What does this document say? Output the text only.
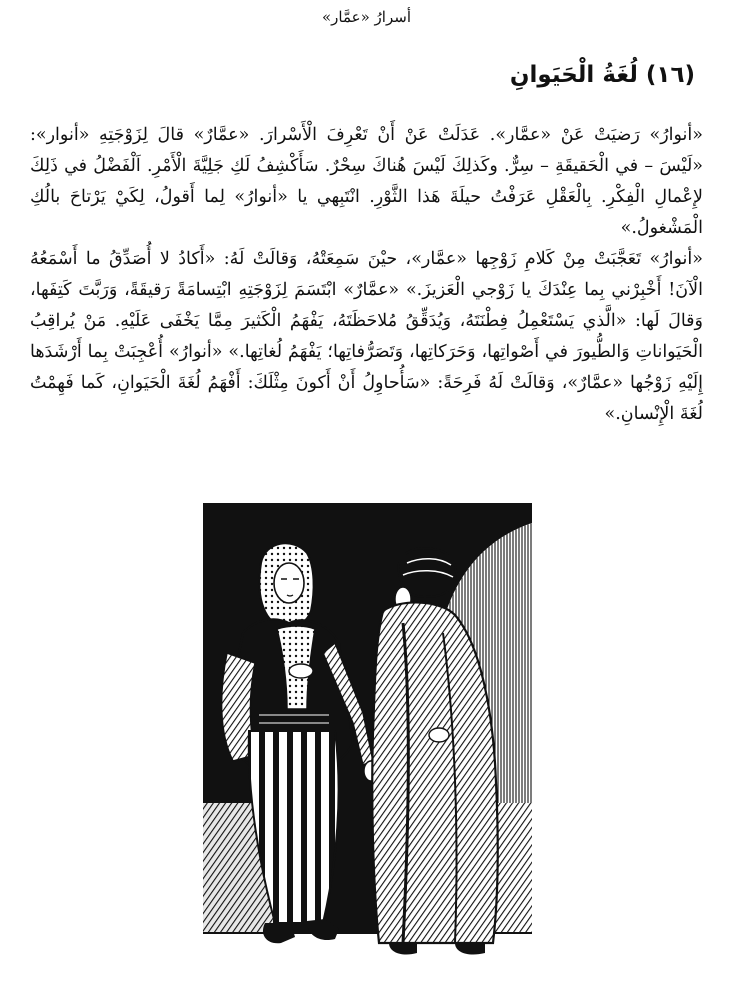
أسرارُ «عمَّار»
(١٦) لُغَةُ الْحَيَوانِ

«أنوارُ» رَضيَتْ عَنْ «عمَّار». عَدَلَتْ عَنْ أَنْ تَعْرِفَ الْأَسْرارَ. «عمَّارٌ» قالَ لِزَوْجَتِهِ «أنوار»: «لَيْسَ – في الْحَقيقَةِ – سِرٌّ. وكَذلِكَ لَيْسَ هُناكَ سِحْرٌ. سَأَكْشِفُ لَكِ جَلِيَّةَ الْأَمْرِ. اَلْفَضْلُ في ذَلِكَ لإِعْمالِ الْفِكْرِ. بِالْعَقْلِ عَرَفْتُ حيلَةَ هَذا الثَّوْرِ. انْتَبِهي يا «أنوارُ» لِما أَقولُ، لِكَيْ يَرْتاحَ بالُكِ الْمَشْغولُ.»

«أنوارُ» تَعَجَّبَتْ مِنْ كَلامِ زَوْجِها «عمَّار»، حيْنَ سَمِعَتْهُ، وَقالَتْ لَهُ: «أَكادُ لا أُصَدِّقُ ما أَسْمَعُهُ الْآنَ! أَخْبِرْني بِما عِنْدَكَ يا زَوْجي الْعَزيزَ.» «عمَّارٌ» ابْتَسَمَ لِزَوْجَتِهِ ابْتِسامَةً رَقيقَةً، وَرَبَّتَ كَتِفَها، وَقالَ لَها: «الَّذي يَسْتَعْمِلُ فِطْنَتَهُ، وَيُدَقِّقُ مُلاحَظَتَهُ، يَفْهَمُ الْكَثيرَ مِمَّا يَخْفَى عَلَيْهِ. مَنْ يُراقِبُ الْحَيَواناتِ وَالطُّيورَ في أَصْواتِها، وَحَرَكاتِها، وَتَصَرُّفاتِها؛ يَفْهَمُ لُغاتِها.» «أنوارُ» أُعْجِبَتْ بِما أَرْشَدَها إِلَيْهِ زَوْجُها «عمَّارٌ»، وَقالَتْ لَهُ فَرِحَةً: «سَأُحاوِلُ أَنْ أَكونَ مِثْلَكَ: أَفْهَمُ لُغَةَ الْحَيَوانِ، كَما فَهِمْتُ لُغَةَ الْإِنْسانِ.»
